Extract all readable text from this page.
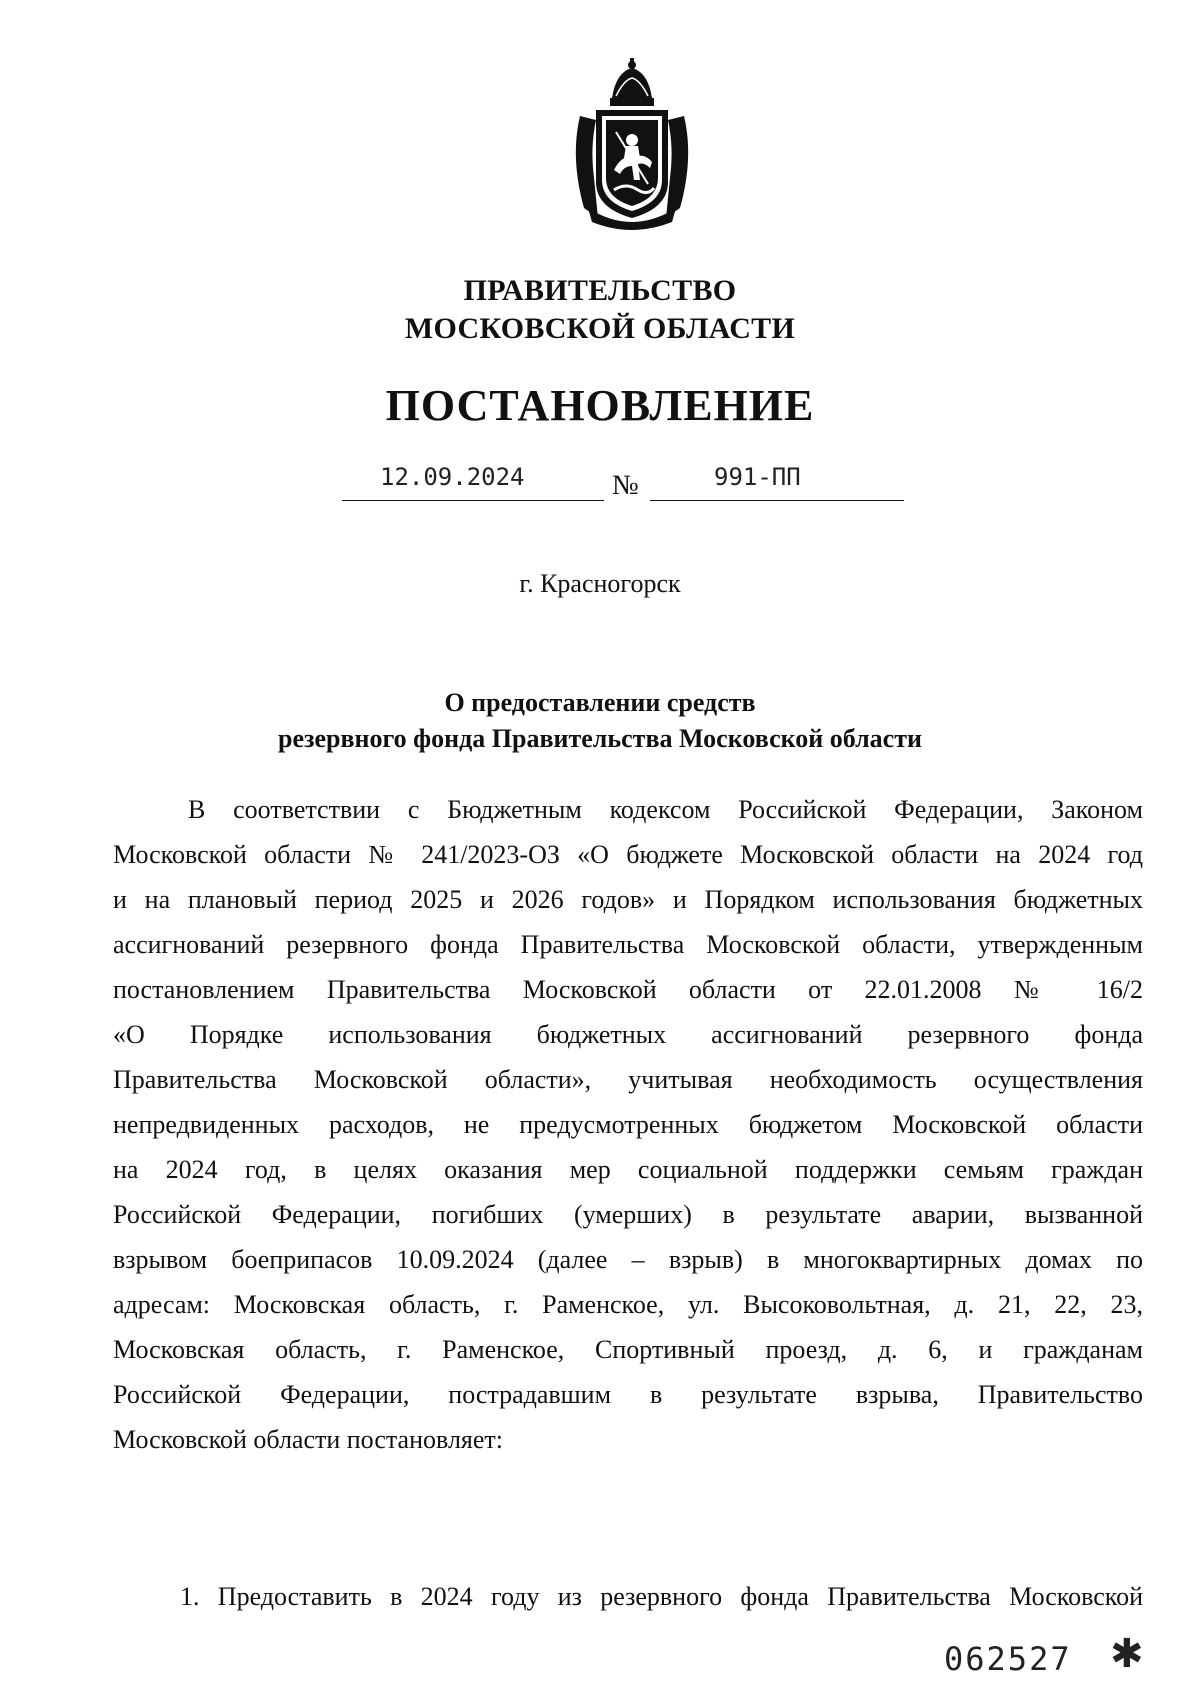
ПРАВИТЕЛЬСТВО
МОСКОВСКОЙ ОБЛАСТИ
ПОСТАНОВЛЕНИЕ
12.09.2024	№	991-ПП
г. Красногорск
О предоставлении средств
резервного фонда Правительства Московской области
В соответствии с Бюджетным кодексом Российской Федерации, Законом
Московской области № 241/2023-ОЗ «О бюджете Московской области на 2024 год
и на плановый период 2025 и 2026 годов» и Порядком использования бюджетных
ассигнований резервного фонда Правительства Московской области, утвержденным
постановлением Правительства Московской области от 22.01.2008 № 16/2
«О Порядке использования бюджетных ассигнований резервного фонда
Правительства Московской области», учитывая необходимость осуществления
непредвиденных расходов, не предусмотренных бюджетом Московской области
на 2024 год, в целях оказания мер социальной поддержки семьям граждан
Российской Федерации, погибших (умерших) в результате аварии, вызванной
взрывом боеприпасов 10.09.2024 (далее – взрыв) в многоквартирных домах по
адресам: Московская область, г. Раменское, ул. Высоковольтная, д. 21, 22, 23,
Московская область, г. Раменское, Спортивный проезд, д. 6, и гражданам
Российской Федерации, пострадавшим в результате взрыва, Правительство
Московской области постановляет:
1. Предоставить в 2024 году из резервного фонда Правительства Московской
062527 ✱
